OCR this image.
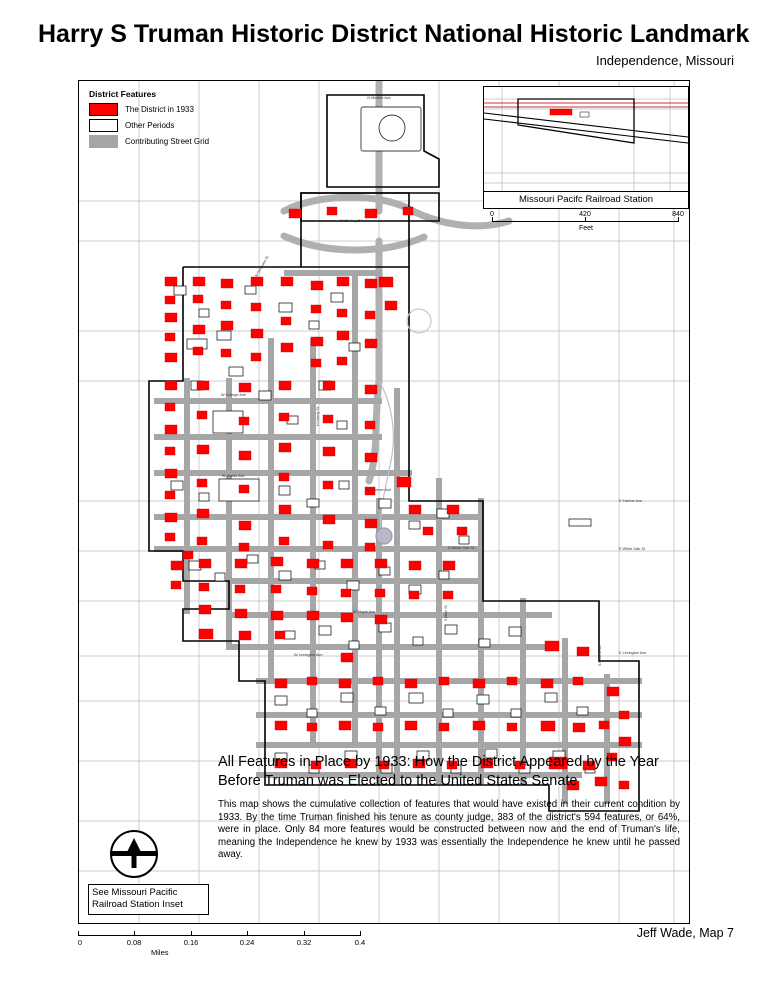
Harry S Truman Historic District National Historic Landmark
Independence, Missouri
N Mlchen Ave
E US Hwy 24
W College Ave
W Waldo Ave
W Farmer Ave
E Farmer Ave
S White Oak St	E White Oak St
W Maple Ave
W Lexington Ave	E Lexington Ave
N Delaware St
N Liberty St
S Main St
S Noland Rd
District Features
The District in 1933
Other Periods
Contributing Street Grid
Missouri Pacifc Railroad Station
0	420	840
Feet
All Features in Place by 1933: How the District Appeared by the Year Before Truman was Elected to the United States Senate
This map shows the cumulative collection of features that would have existed in their current condition by 1933. By the time Truman finished his tenure as county judge, 383 of the district's 594 features, or 64%, were in place. Only 84 more features would be constructed between now and the end of Truman's life, meaning the Independence he knew by 1933 was essentially the Independence he knew until he passed away.
See Missouri Pacific Railroad Station Inset
0	0.08	0.16	0.24	0.32	0.4
Miles
Jeff Wade, Map 7
